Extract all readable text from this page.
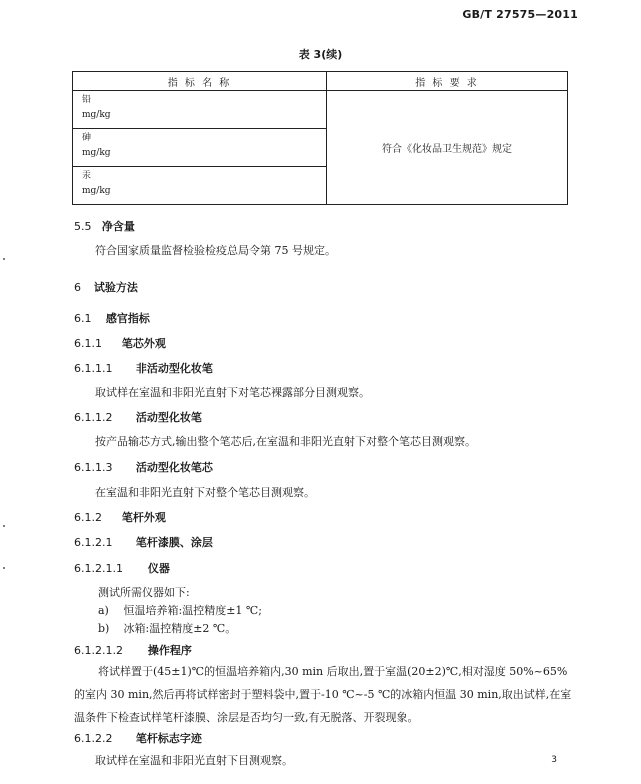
GB/T 27575—2011
表 3(续)
指 标 名 称	指 标 要 求

铅
mg/kg	符合《化妆品卫生规范》规定

砷
mg/kg	

汞
mg/kg	
5.5 净含量
符合国家质量监督检验检疫总局令第 75 号规定。
6 试验方法
6.1 感官指标
6.1.1 笔芯外观
6.1.1.1 非活动型化妆笔
取试样在室温和非阳光直射下对笔芯裸露部分目测观察。
6.1.1.2 活动型化妆笔
按产品输芯方式,输出整个笔芯后,在室温和非阳光直射下对整个笔芯目测观察。
6.1.1.3 活动型化妆笔芯
在室温和非阳光直射下对整个笔芯目测观察。
6.1.2 笔杆外观
6.1.2.1 笔杆漆膜、涂层
6.1.2.1.1 仪器
测试所需仪器如下:
a) 恒温培养箱:温控精度±1 ℃;
b) 冰箱:温控精度±2 ℃。
6.1.2.1.2 操作程序
将试样置于(45±1)℃的恒温培养箱内,30 min 后取出,置于室温(20±2)℃,相对湿度 50%~65%的室内 30 min,然后再将试样密封于塑料袋中,置于-10 ℃~-5 ℃的冰箱内恒温 30 min,取出试样,在室温条件下检查试样笔杆漆膜、涂层是否均匀一致,有无脱落、开裂现象。
6.1.2.2 笔杆标志字迹
取试样在室温和非阳光直射下目测观察。	3
